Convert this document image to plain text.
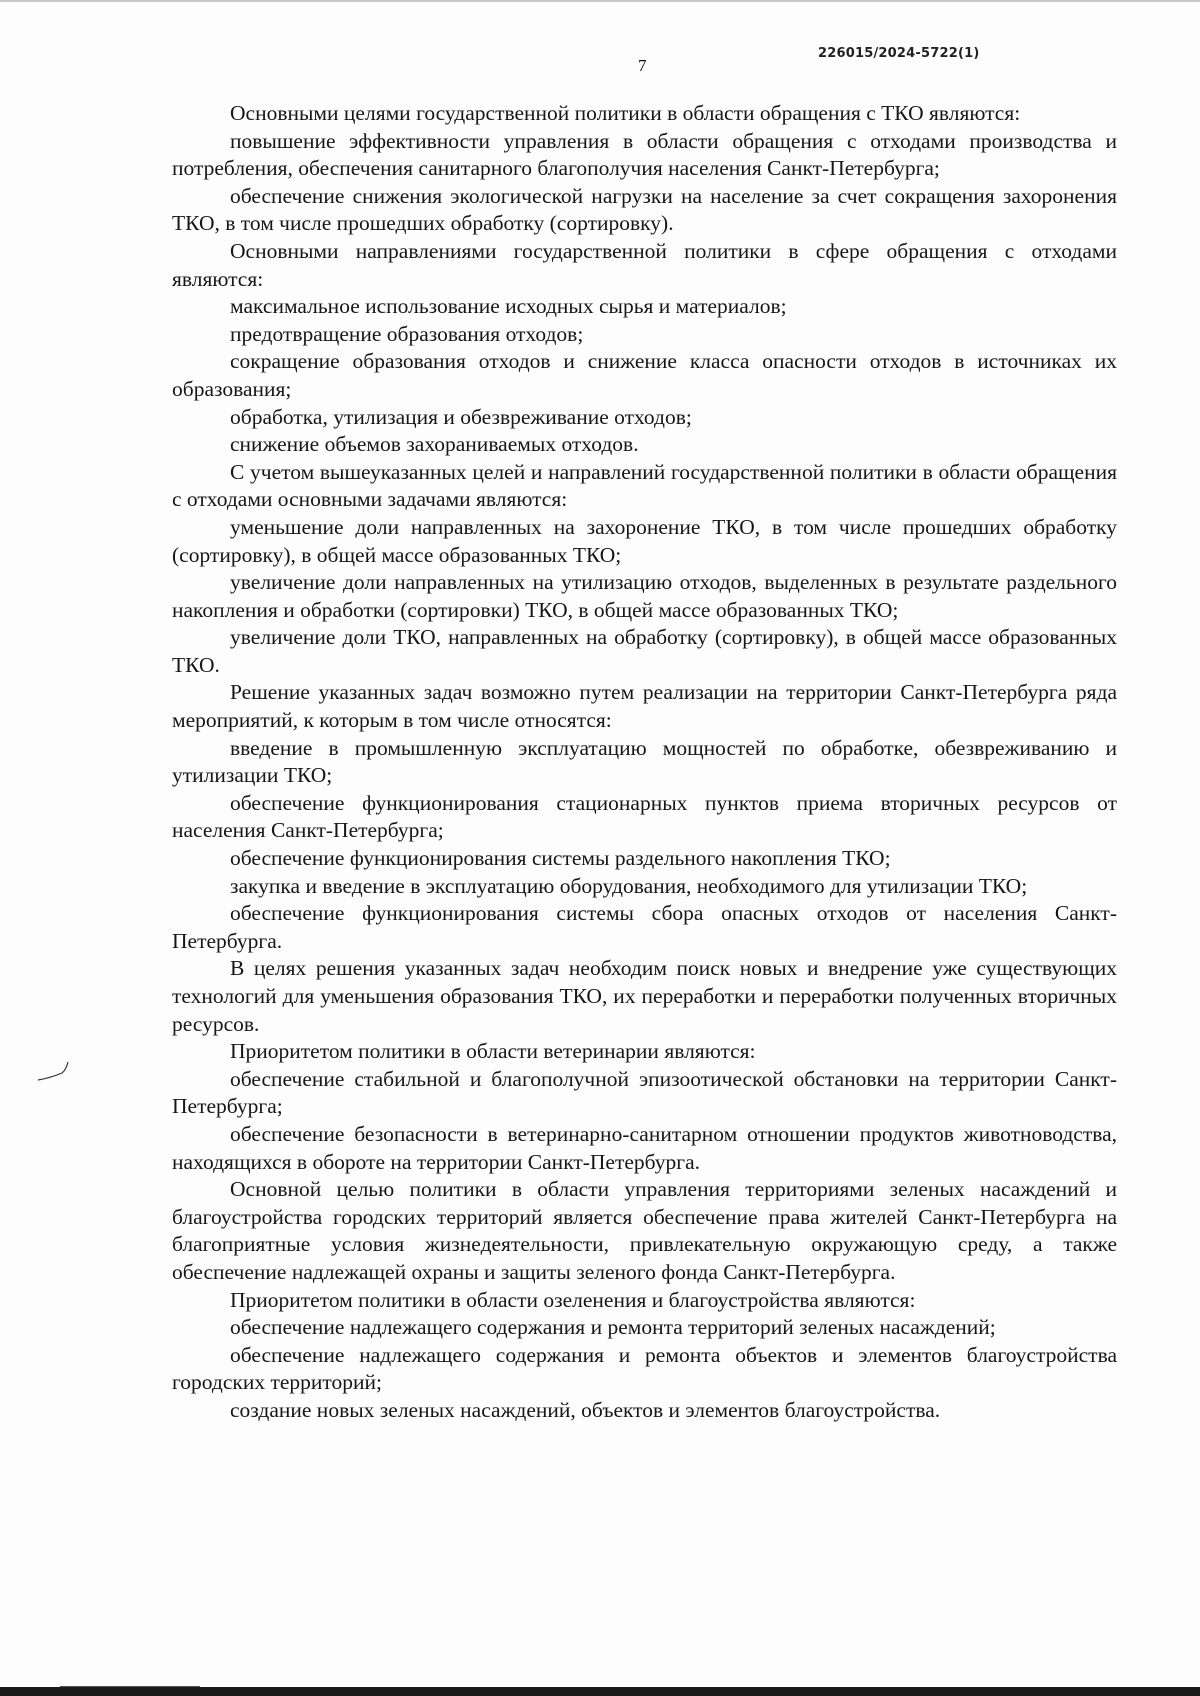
226015/2024-5722(1)
7

Основными целями государственной политики в области обращения с ТКО являются:

повышение эффективности управления в области обращения с отходами производства и потребления, обеспечения санитарного благополучия населения Санкт-Петербурга;

обеспечение снижения экологической нагрузки на население за счет сокращения захоронения ТКО, в том числе прошедших обработку (сортировку).

Основными направлениями государственной политики в сфере обращения с отходами являются:

максимальное использование исходных сырья и материалов;

предотвращение образования отходов;

сокращение образования отходов и снижение класса опасности отходов в источниках их образования;

обработка, утилизация и обезвреживание отходов;

снижение объемов захораниваемых отходов.

С учетом вышеуказанных целей и направлений государственной политики в области обращения с отходами основными задачами являются:

уменьшение доли направленных на захоронение ТКО, в том числе прошедших обработку (сортировку), в общей массе образованных ТКО;

увеличение доли направленных на утилизацию отходов, выделенных в результате раздельного накопления и обработки (сортировки) ТКО, в общей массе образованных ТКО;

увеличение доли ТКО, направленных на обработку (сортировку), в общей массе образованных ТКО.

Решение указанных задач возможно путем реализации на территории Санкт-Петербурга ряда мероприятий, к которым в том числе относятся:

введение в промышленную эксплуатацию мощностей по обработке, обезвреживанию и утилизации ТКО;

обеспечение функционирования стационарных пунктов приема вторичных ресурсов от населения Санкт-Петербурга;

обеспечение функционирования системы раздельного накопления ТКО;

закупка и введение в эксплуатацию оборудования, необходимого для утилизации ТКО;

обеспечение функционирования системы сбора опасных отходов от населения Санкт-Петербурга.

В целях решения указанных задач необходим поиск новых и внедрение уже существующих технологий для уменьшения образования ТКО, их переработки и переработки полученных вторичных ресурсов.

Приоритетом политики в области ветеринарии являются:

обеспечение стабильной и благополучной эпизоотической обстановки на территории Санкт-Петербурга;

обеспечение безопасности в ветеринарно-санитарном отношении продуктов животноводства, находящихся в обороте на территории Санкт-Петербурга.

Основной целью политики в области управления территориями зеленых насаждений и благоустройства городских территорий является обеспечение права жителей Санкт-Петербурга на благоприятные условия жизнедеятельности, привлекательную окружающую среду, а также обеспечение надлежащей охраны и защиты зеленого фонда Санкт-Петербурга.

Приоритетом политики в области озеленения и благоустройства являются:

обеспечение надлежащего содержания и ремонта территорий зеленых насаждений;

обеспечение надлежащего содержания и ремонта объектов и элементов благоустройства городских территорий;

создание новых зеленых насаждений, объектов и элементов благоустройства.
